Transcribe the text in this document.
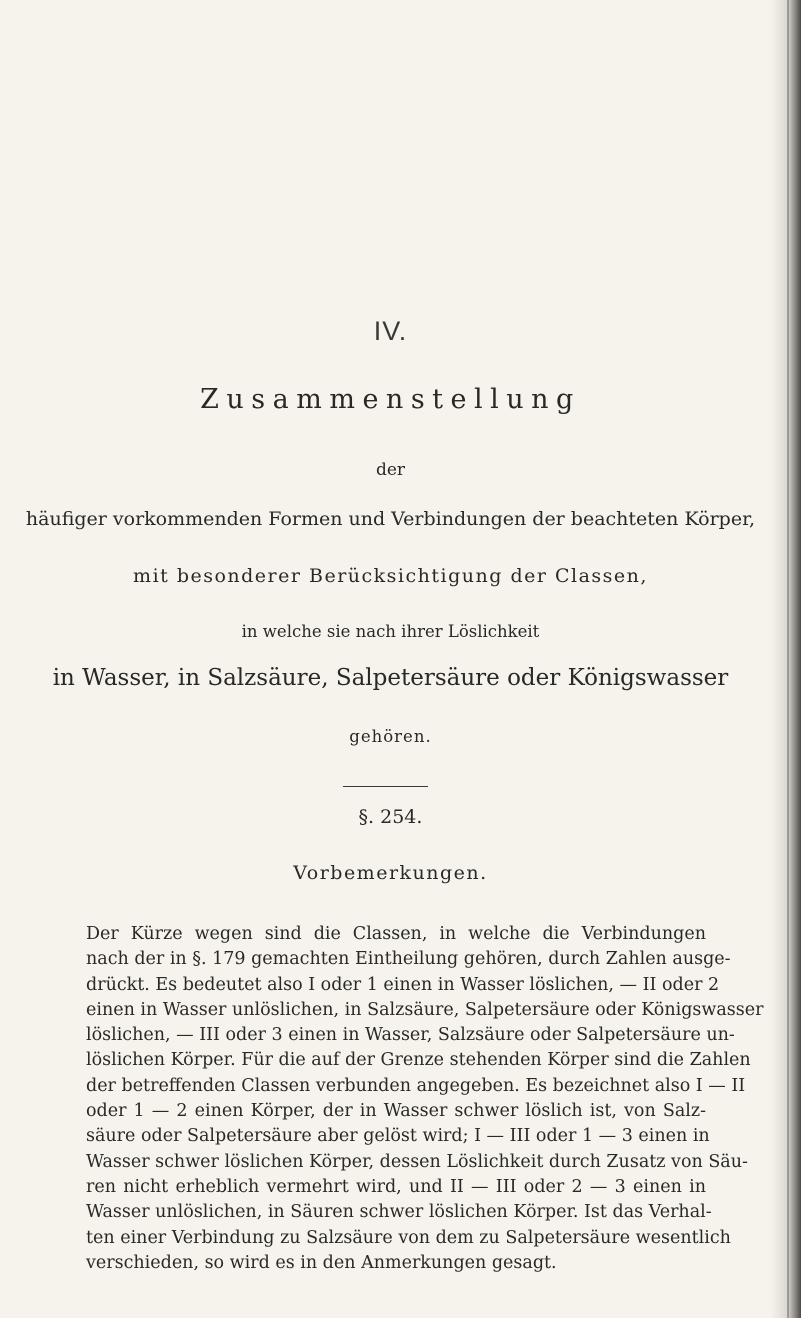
IV.
Zusammenstellung
der
häufiger vorkommenden Formen und Verbindungen der beachteten Körper,
mit besonderer Berücksichtigung der Classen,
in welche sie nach ihrer Löslichkeit
in Wasser, in Salzsäure, Salpetersäure oder Königswasser
gehören.
§. 254.
Vorbemerkungen.
Der Kürze wegen sind die Classen, in welche die Verbindungen
nach der in §. 179 gemachten Eintheilung gehören, durch Zahlen ausge-
drückt. Es bedeutet also I oder 1 einen in Wasser löslichen, — II oder 2
einen in Wasser unlöslichen, in Salzsäure, Salpetersäure oder Königswasser
löslichen, — III oder 3 einen in Wasser, Salzsäure oder Salpetersäure un-
löslichen Körper. Für die auf der Grenze stehenden Körper sind die Zahlen
der betreffenden Classen verbunden angegeben. Es bezeichnet also I — II
oder 1 — 2 einen Körper, der in Wasser schwer löslich ist, von Salz-
säure oder Salpetersäure aber gelöst wird; I — III oder 1 — 3 einen in
Wasser schwer löslichen Körper, dessen Löslichkeit durch Zusatz von Säu-
ren nicht erheblich vermehrt wird, und II — III oder 2 — 3 einen in
Wasser unlöslichen, in Säuren schwer löslichen Körper. Ist das Verhal-
ten einer Verbindung zu Salzsäure von dem zu Salpetersäure wesentlich
verschieden, so wird es in den Anmerkungen gesagt.
